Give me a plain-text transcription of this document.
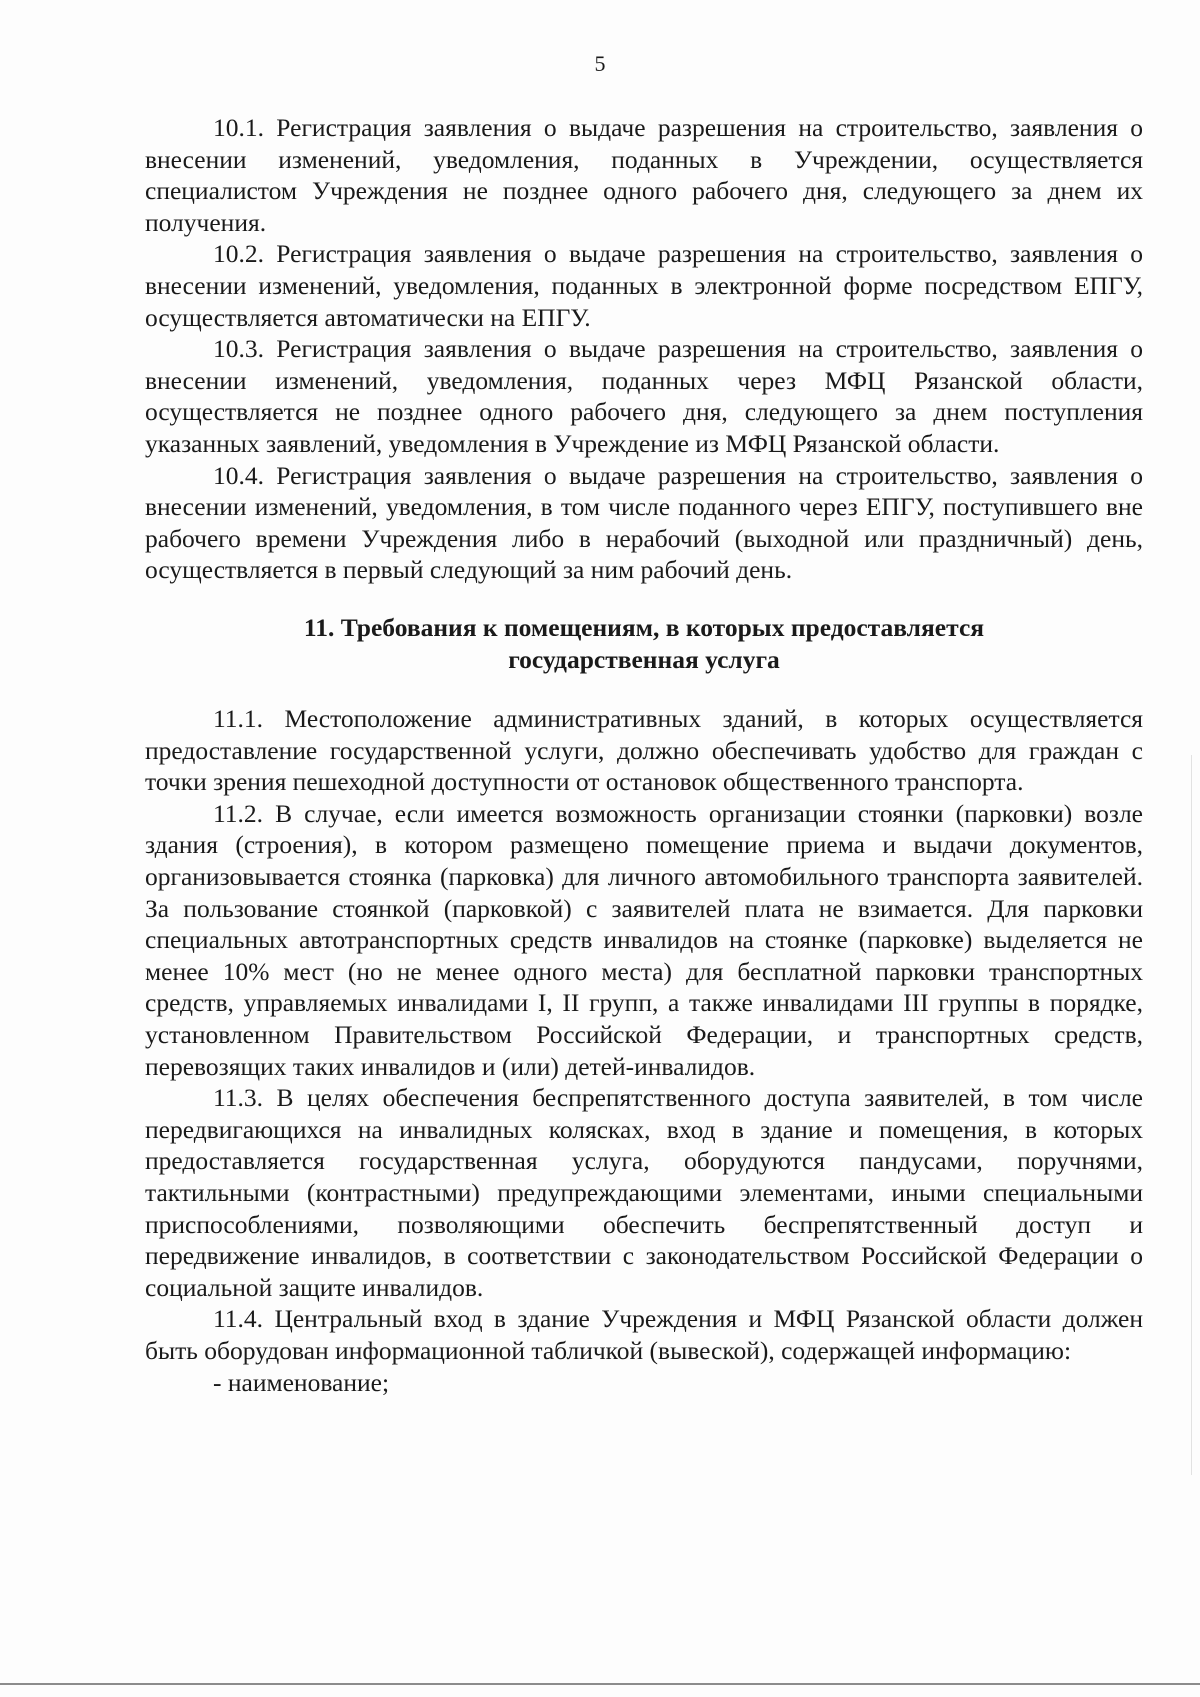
5

10.1. Регистрация заявления о выдаче разрешения на строительство, заявления о внесении изменений, уведомления, поданных в Учреждении, осуществляется специалистом Учреждения не позднее одного рабочего дня, следующего за днем их получения.

10.2. Регистрация заявления о выдаче разрешения на строительство, заявления о внесении изменений, уведомления, поданных в электронной форме посредством ЕПГУ, осуществляется автоматически на ЕПГУ.

10.3. Регистрация заявления о выдаче разрешения на строительство, заявления о внесении изменений, уведомления, поданных через МФЦ Рязанской области, осуществляется не позднее одного рабочего дня, следующего за днем поступления указанных заявлений, уведомления в Учреждение из МФЦ Рязанской области.

10.4. Регистрация заявления о выдаче разрешения на строительство, заявления о внесении изменений, уведомления, в том числе поданного через ЕПГУ, поступившего вне рабочего времени Учреждения либо в нерабочий (выходной или праздничный) день, осуществляется в первый следующий за ним рабочий день.

11. Требования к помещениям, в которых предоставляется
государственная услуга

11.1. Местоположение административных зданий, в которых осуществляется предоставление государственной услуги, должно обеспечивать удобство для граждан с точки зрения пешеходной доступности от остановок общественного транспорта.

11.2. В случае, если имеется возможность организации стоянки (парковки) возле здания (строения), в котором размещено помещение приема и выдачи документов, организовывается стоянка (парковка) для личного автомобильного транспорта заявителей. За пользование стоянкой (парковкой) с заявителей плата не взимается. Для парковки специальных автотранспортных средств инвалидов на стоянке (парковке) выделяется не менее 10% мест (но не менее одного места) для бесплатной парковки транспортных средств, управляемых инвалидами I, II групп, а также инвалидами III группы в порядке, установленном Правительством Российской Федерации, и транспортных средств, перевозящих таких инвалидов и (или) детей-инвалидов.

11.3. В целях обеспечения беспрепятственного доступа заявителей, в том числе передвигающихся на инвалидных колясках, вход в здание и помещения, в которых предоставляется государственная услуга, оборудуются пандусами, поручнями, тактильными (контрастными) предупреждающими элементами, иными специальными приспособлениями, позволяющими обеспечить беспрепятственный доступ и передвижение инвалидов, в соответствии с законодательством Российской Федерации о социальной защите инвалидов.

11.4. Центральный вход в здание Учреждения и МФЦ Рязанской области должен быть оборудован информационной табличкой (вывеской), содержащей информацию:

- наименование;
